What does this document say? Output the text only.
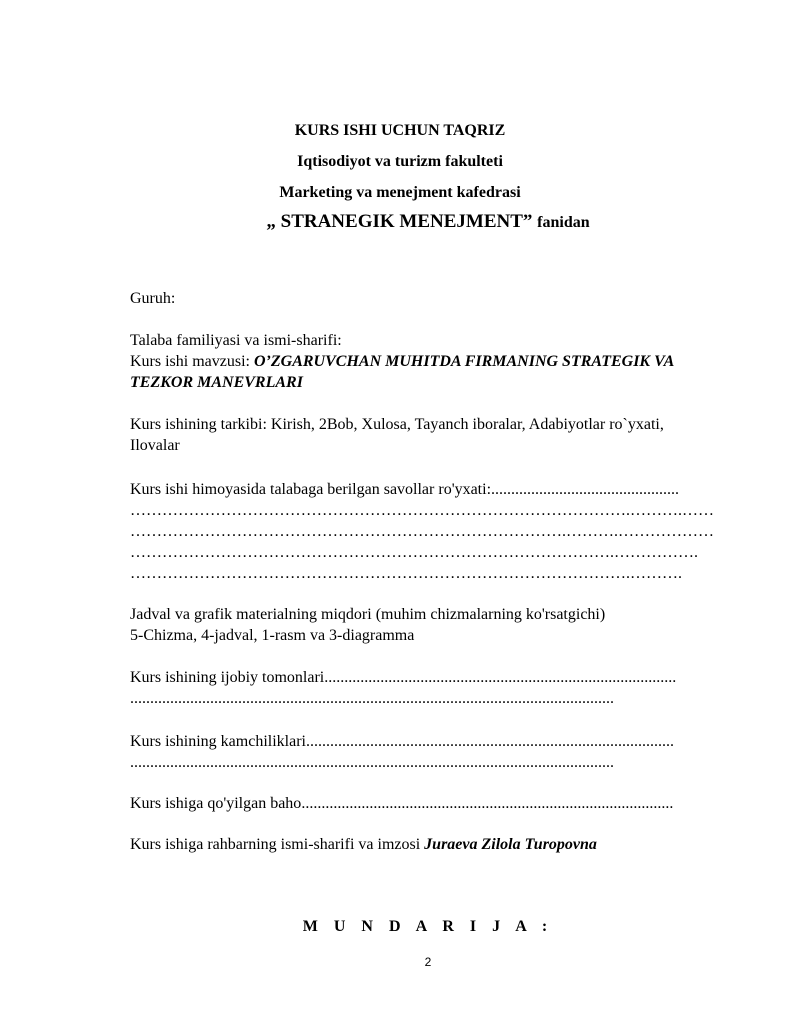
KURS ISHI UCHUN TAQRIZ
Iqtisodiyot va turizm fakulteti
Marketing va menejment kafedrasi
„ STRANEGIK MENEJMENT” fanidan
Guruh:
Talaba familiyasi va ismi-sharifi:
Kurs ishi mavzusi: O’ZGARUVCHAN MUHITDA FIRMANING STRATEGIK VA
TEZKOR MANEVRLARI
Kurs ishining tarkibi: Kirish, 2Bob, Xulosa, Tayanch iboralar, Adabiyotlar ro`yxati,
Ilovalar
Kurs ishi himoyasida talabaga berilgan savollar ro'yxati:...............................................
………………………………………………………………………………….……….……
……………………………………………………………………….……….………………
……………………………………………………………………………….…………….
………………………………………………………………………………….……….
Jadval va grafik materialning miqdori (muhim chizmalarning ko'rsatgichi)
5-Chizma, 4-jadval, 1-rasm va 3-diagramma
Kurs ishining ijobiy tomonlari........................................................................................
.........................................................................................................................
Kurs ishining kamchiliklari............................................................................................
.........................................................................................................................
Kurs ishiga qo'yilgan baho.............................................................................................
Kurs ishiga rahbarning ismi-sharifi va imzosi Juraeva Zilola Turopovna
M U N D A R I J A :
2
